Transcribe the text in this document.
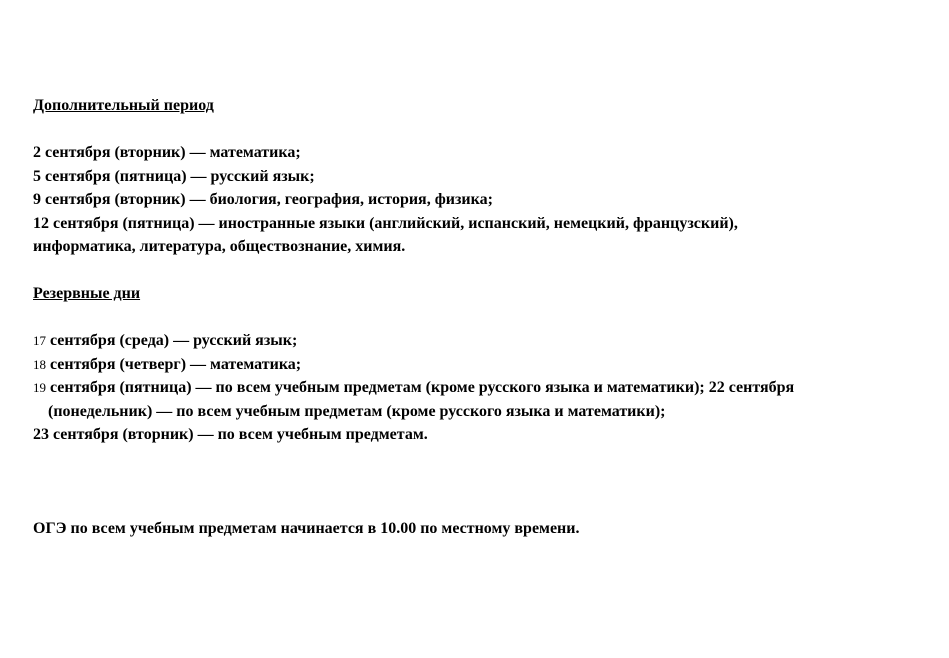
Дополнительный период
2 сентября (вторник) — математика;
5 сентября (пятница) — русский язык;
9 сентября (вторник) — биология, география, история, физика;
12 сентября (пятница) — иностранные языки (английский, испанский, немецкий, французский),
информатика, литература, обществознание, химия.
Резервные дни
17 сентября (среда) — русский язык;
18 сентября (четверг) — математика;
19 сентября (пятница) — по всем учебным предметам (кроме русского языка и математики); 22 сентября
(понедельник) — по всем учебным предметам (кроме русского языка и математики);
23 сентября (вторник) — по всем учебным предметам.
ОГЭ по всем учебным предметам начинается в 10.00 по местному времени.
